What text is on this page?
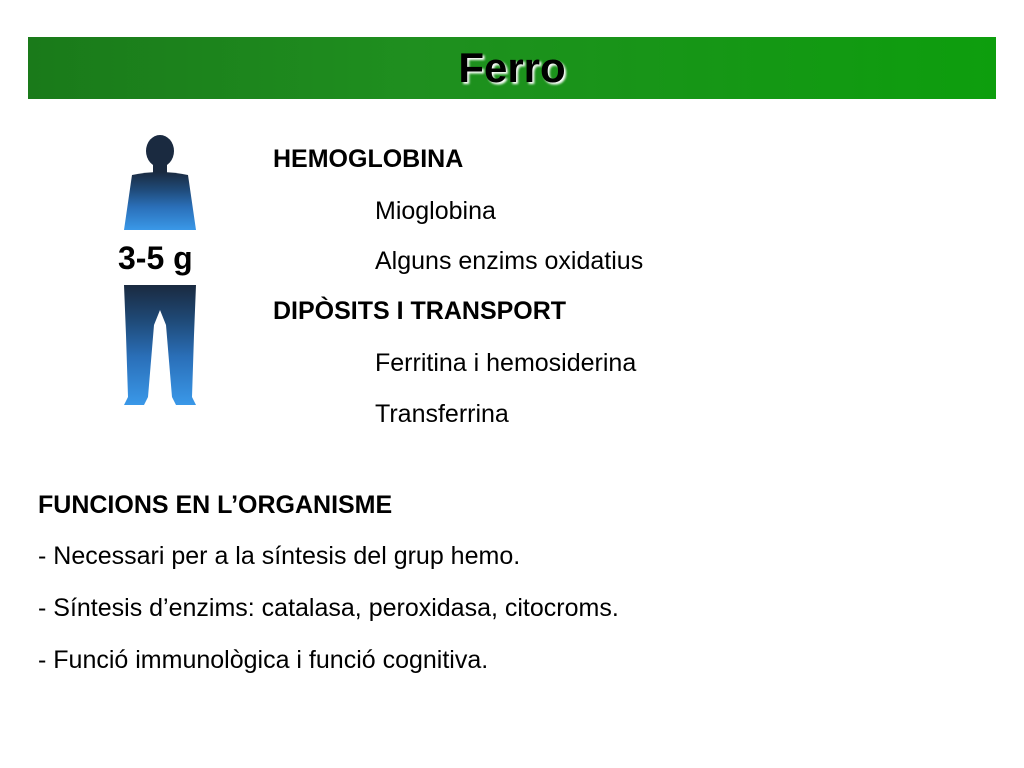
Ferro
3-5 g
HEMOGLOBINA
Mioglobina
Alguns enzims oxidatius
DIPÒSITS I TRANSPORT
Ferritina i hemosiderina
Transferrina
FUNCIONS EN L’ORGANISME
- Necessari per a la síntesis del grup hemo.
- Síntesis d’enzims: catalasa, peroxidasa, citocroms.
- Funció immunològica i funció cognitiva.
